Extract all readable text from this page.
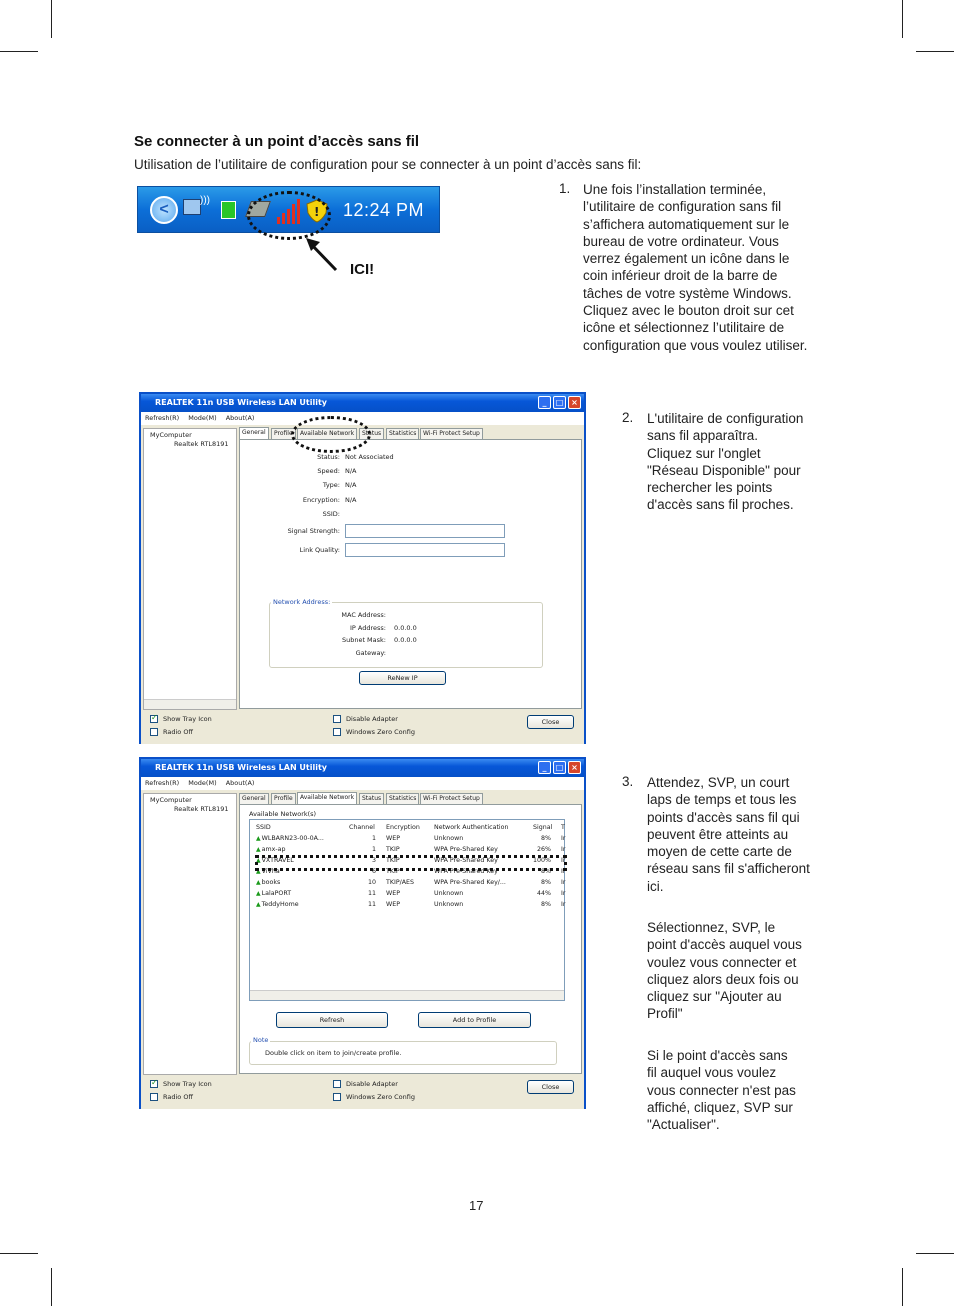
Se connecter à un point d’accès sans fil
Utilisation de l’utilitaire de configuration pour se connecter à un point d’accès sans fil:
<
)))
! 12:24 PM
ICI!
1. Une fois l’installation terminée,
l’utilitaire de configuration sans fil
s’affichera automatiquement sur le
bureau de votre ordinateur. Vous
verrez également un icône dans le
coin inférieur droit de la barre de
tâches de votre système Windows.
Cliquez avec le bouton droit sur cet
icône et sélectionnez l’utilitaire de
configuration que vous voulez utiliser.
2. L'utilitaire de configuration
sans fil apparaîtra.
Cliquez sur l'onglet
"Réseau Disponible" pour
rechercher les points
d'accès sans fil proches.
3. Attendez, SVP, un court
laps de temps et tous les
points d'accès sans fil qui
peuvent être atteints au
moyen de cette carte de
réseau sans fil s'afficheront
ici.
Sélectionnez, SVP, le
point d'accès auquel vous
voulez vous connecter et
cliquez alors deux fois ou
cliquez sur "Ajouter au
Profil"
Si le point d'accès sans
fil auquel vous voulez
vous connecter n'est pas
affiché, cliquez, SVP sur
"Actualiser".
REALTEK 11n USB Wireless LAN Utility	_	□ ×
Refresh(R) Mode(M) About(A)
MyComputer
Realtek RTL8191
General	Profile	Available Network	Status	Statistics	Wi-Fi Protect Setup
Status: Not Associated
Speed: N/A
Type: N/A
Encryption: N/A
SSID:
Signal Strength:
Link Quality:
Network Address:
MAC Address:
IP Address: 0.0.0.0
Subnet Mask: 0.0.0.0
Gateway:
ReNew IP
✓
Show Tray Icon
Radio Off
Disable Adapter
Windows Zero Config
Close
REALTEK 11n USB Wireless LAN Utility	_	□ ×
Refresh(R) Mode(M) About(A)
MyComputer
Realtek RTL8191
General	Profile	Available Network	Status	Statistics	Wi-Fi Protect Setup
Available Network(s)
SSID	Channel Encryption Network Authentication	Signal T
▲WLBARN23-00-0A...	1 WEP	Unknown	8% Ir
▲amx-ap	1 TKIP	WPA Pre-Shared Key	26% Ir
▲VXTRAVEL	3 TKIP	WPA Pre-Shared Key	100% Ir
▲ViVha	6 TKIP	WPA Pre-Shared Key	8% Ir
▲books	10 TKIP/AES	WPA Pre-Shared Key/...	8% Ir
▲LalaPORT	11 WEP	Unknown	44% Ir
▲TeddyHome	11 WEP	Unknown	8% Ir
Refresh	Add to Profile
Note
Double click on item to join/create profile.
✓
Show Tray Icon
Radio Off
Disable Adapter
Windows Zero Config
Close
17
